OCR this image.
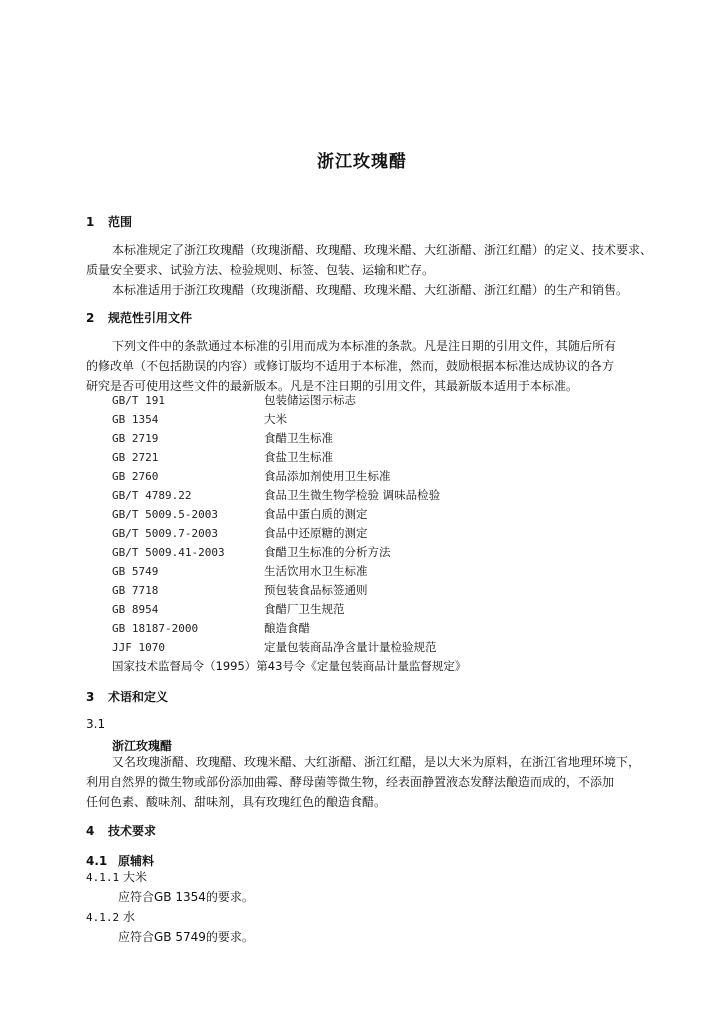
浙江玫瑰醋
1 范围
本标准规定了浙江玫瑰醋（玫瑰浙醋、玫瑰醋、玫瑰米醋、大红浙醋、浙江红醋）的定义、技术要求、
质量安全要求、试验方法、检验规则、标签、包装、运输和贮存。
本标准适用于浙江玫瑰醋（玫瑰浙醋、玫瑰醋、玫瑰米醋、大红浙醋、浙江红醋）的生产和销售。
2 规范性引用文件
下列文件中的条款通过本标准的引用而成为本标准的条款。凡是注日期的引用文件，其随后所有
的修改单（不包括勘误的内容）或修订版均不适用于本标准，然而，鼓励根据本标准达成协议的各方
研究是否可使用这些文件的最新版本。凡是不注日期的引用文件，其最新版本适用于本标准。
GB/T 191	包装储运图示标志
GB 1354	大米
GB 2719	食醋卫生标准
GB 2721	食盐卫生标准
GB 2760	食品添加剂使用卫生标准
GB/T 4789.22	食品卫生微生物学检验 调味品检验
GB/T 5009.5-2003	食品中蛋白质的测定
GB/T 5009.7-2003	食品中还原糖的测定
GB/T 5009.41-2003	食醋卫生标准的分析方法
GB 5749	生活饮用水卫生标准
GB 7718	预包装食品标签通则
GB 8954	食醋厂卫生规范
GB 18187-2000	酿造食醋
JJF 1070	定量包装商品净含量计量检验规范
国家技术监督局令（1995）第43号令《定量包装商品计量监督规定》
3 术语和定义
3.1
浙江玫瑰醋
又名玫瑰浙醋、玫瑰醋、玫瑰米醋、大红浙醋、浙江红醋，是以大米为原料，在浙江省地理环境下，
利用自然界的微生物或部份添加曲霉、酵母菌等微生物，经表面静置液态发酵法酿造而成的，不添加
任何色素、酸味剂、甜味剂，具有玫瑰红色的酿造食醋。
4 技术要求
4.1 原辅料
4.1.1 大米
应符合GB 1354的要求。
4.1.2 水
应符合GB 5749的要求。
